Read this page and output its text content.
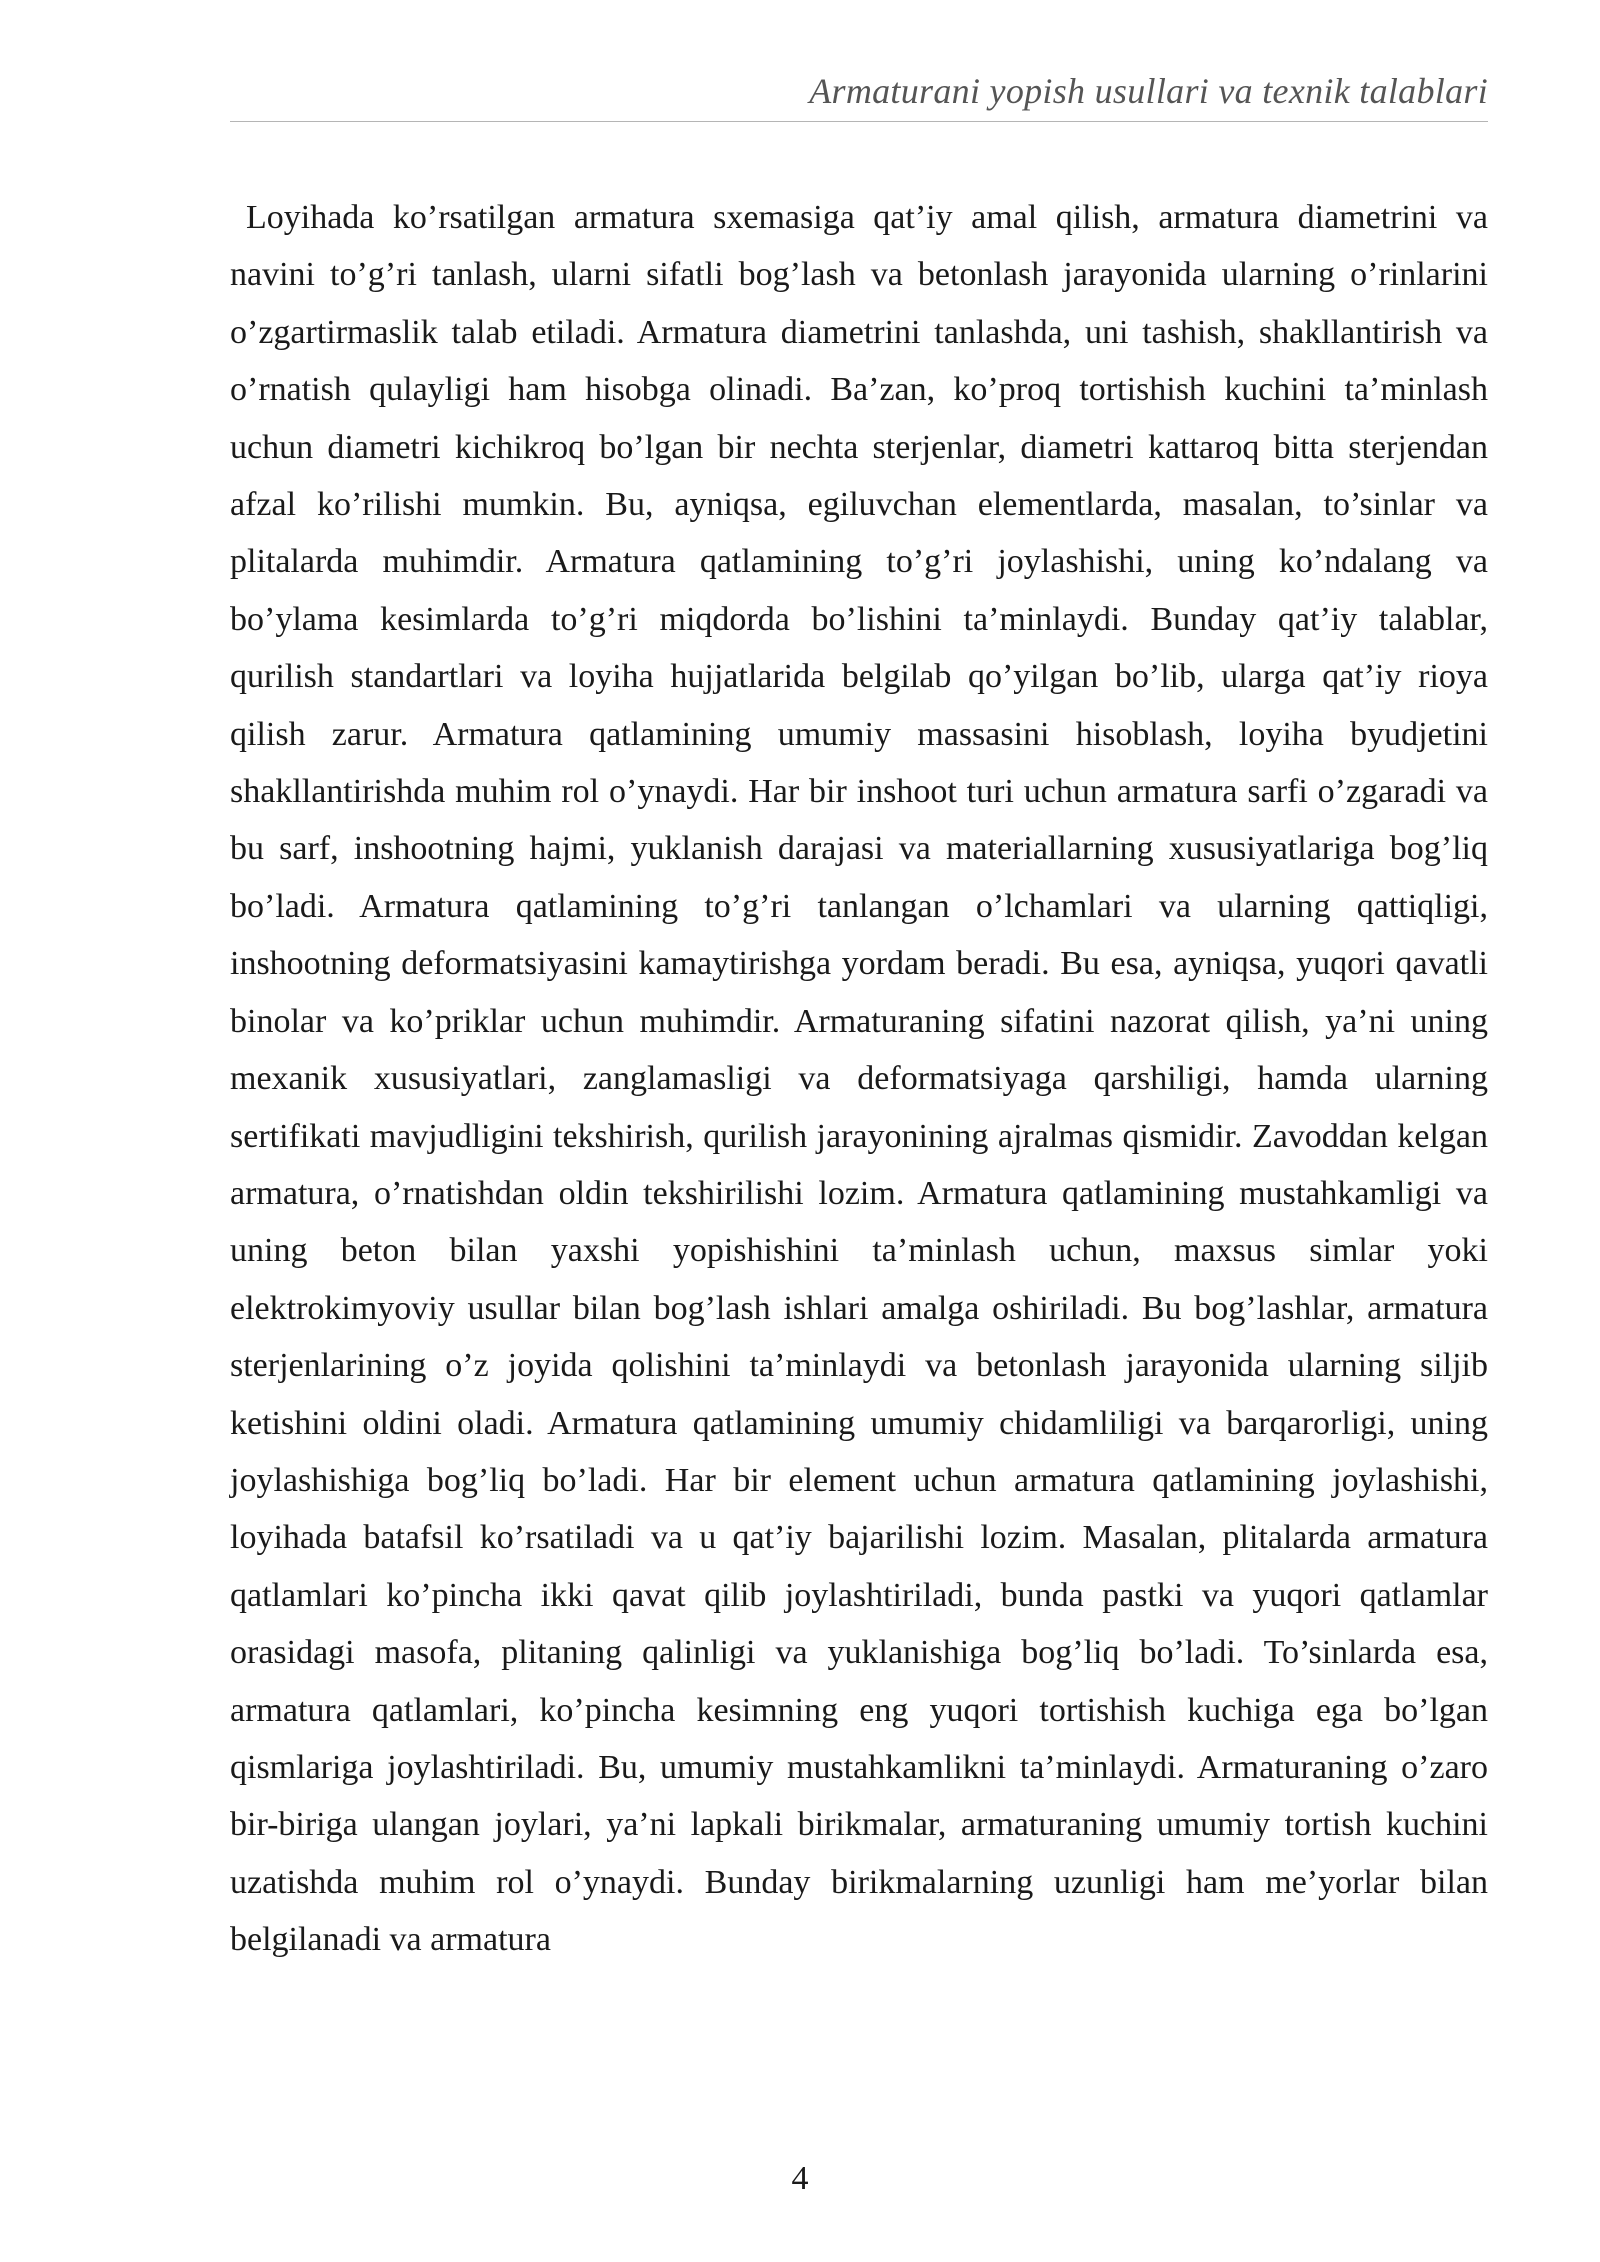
Armaturani yopish usullari va texnik talablari

Loyihada ko’rsatilgan armatura sxemasiga qat’iy amal qilish, armatura diametrini va navini to’g’ri tanlash, ularni sifatli bog’lash va betonlash jarayonida ularning o’rinlarini o’zgartirmaslik talab etiladi. Armatura diametrini tanlashda, uni tashish, shakllantirish va o’rnatish qulayligi ham hisobga olinadi. Ba’zan, ko’proq tortishish kuchini ta’minlash uchun diametri kichikroq bo’lgan bir nechta sterjenlar, diametri kattaroq bitta sterjendan afzal ko’rilishi mumkin. Bu, ayniqsa, egiluvchan elementlarda, masalan, to’sinlar va plitalarda muhimdir. Armatura qatlamining to’g’ri joylashishi, uning ko’ndalang va bo’ylama kesimlarda to’g’ri miqdorda bo’lishini ta’minlaydi. Bunday qat’iy talablar, qurilish standartlari va loyiha hujjatlarida belgilab qo’yilgan bo’lib, ularga qat’iy rioya qilish zarur. Armatura qatlamining umumiy massasini hisoblash, loyiha byudjetini shakllantirishda muhim rol o’ynaydi. Har bir inshoot turi uchun armatura sarfi o’zgaradi va bu sarf, inshootning hajmi, yuklanish darajasi va materiallarning xususiyatlariga bog’liq bo’ladi. Armatura qatlamining to’g’ri tanlangan o’lchamlari va ularning qattiqligi, inshootning deformatsiyasini kamaytirishga yordam beradi. Bu esa, ayniqsa, yuqori qavatli binolar va ko’priklar uchun muhimdir. Armaturaning sifatini nazorat qilish, ya’ni uning mexanik xususiyatlari, zanglamasligi va deformatsiyaga qarshiligi, hamda ularning sertifikati mavjudligini tekshirish, qurilish jarayonining ajralmas qismidir. Zavoddan kelgan armatura, o’rnatishdan oldin tekshirilishi lozim. Armatura qatlamining mustahkamligi va uning beton bilan yaxshi yopishishini ta’minlash uchun, maxsus simlar yoki elektrokimyoviy usullar bilan bog’lash ishlari amalga oshiriladi. Bu bog’lashlar, armatura sterjenlarining o’z joyida qolishini ta’minlaydi va betonlash jarayonida ularning siljib ketishini oldini oladi. Armatura qatlamining umumiy chidamliligi va barqarorligi, uning joylashishiga bog’liq bo’ladi. Har bir element uchun armatura qatlamining joylashishi, loyihada batafsil ko’rsatiladi va u qat’iy bajarilishi lozim. Masalan, plitalarda armatura qatlamlari ko’pincha ikki qavat qilib joylashtiriladi, bunda pastki va yuqori qatlamlar orasidagi masofa, plitaning qalinligi va yuklanishiga bog’liq bo’ladi. To’sinlarda esa, armatura qatlamlari, ko’pincha kesimning eng yuqori tortishish kuchiga ega bo’lgan qismlariga joylashtiriladi. Bu, umumiy mustahkamlikni ta’minlaydi. Armaturaning o’zaro bir-biriga ulangan joylari, ya’ni lapkali birikmalar, armaturaning umumiy tortish kuchini uzatishda muhim rol o’ynaydi. Bunday birikmalarning uzunligi ham me’yorlar bilan belgilanadi va armatura

4
